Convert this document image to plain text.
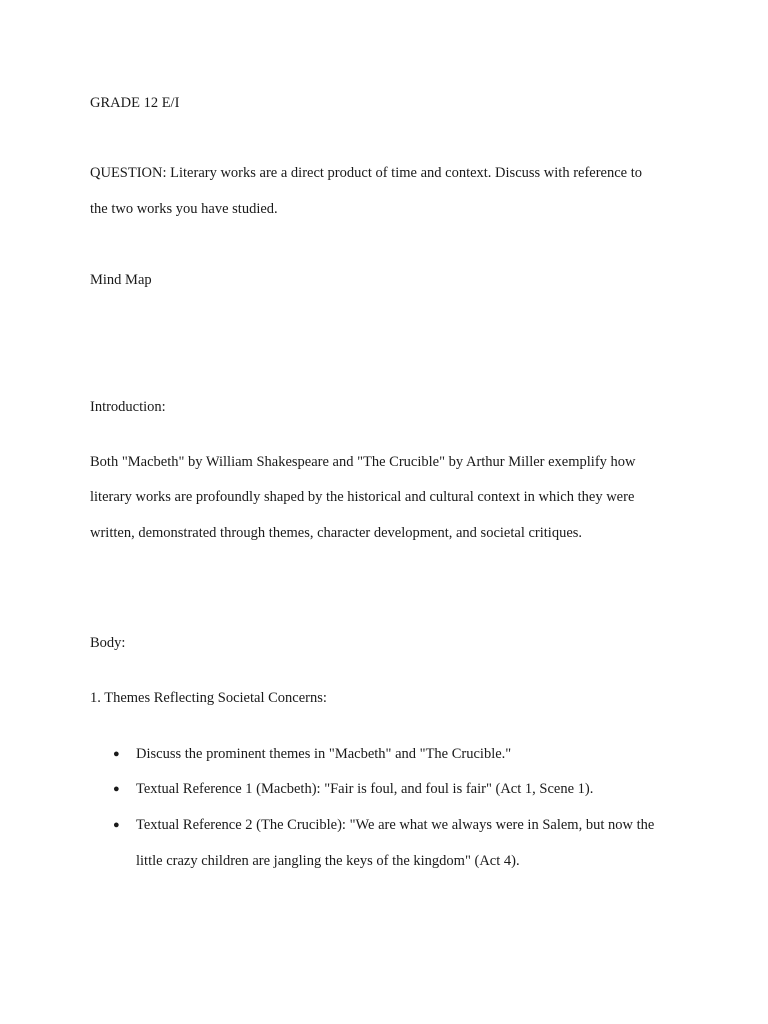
GRADE 12 E/I
QUESTION: Literary works are a direct product of time and context. Discuss with reference to
the two works you have studied.
Mind Map
Introduction:
Both "Macbeth" by William Shakespeare and "The Crucible" by Arthur Miller exemplify how
literary works are profoundly shaped by the historical and cultural context in which they were
written, demonstrated through themes, character development, and societal critiques.
Body:
1. Themes Reflecting Societal Concerns:
● Discuss the prominent themes in "Macbeth" and "The Crucible."
● Textual Reference 1 (Macbeth): "Fair is foul, and foul is fair" (Act 1, Scene 1).
● Textual Reference 2 (The Crucible): "We are what we always were in Salem, but now the
little crazy children are jangling the keys of the kingdom" (Act 4).
